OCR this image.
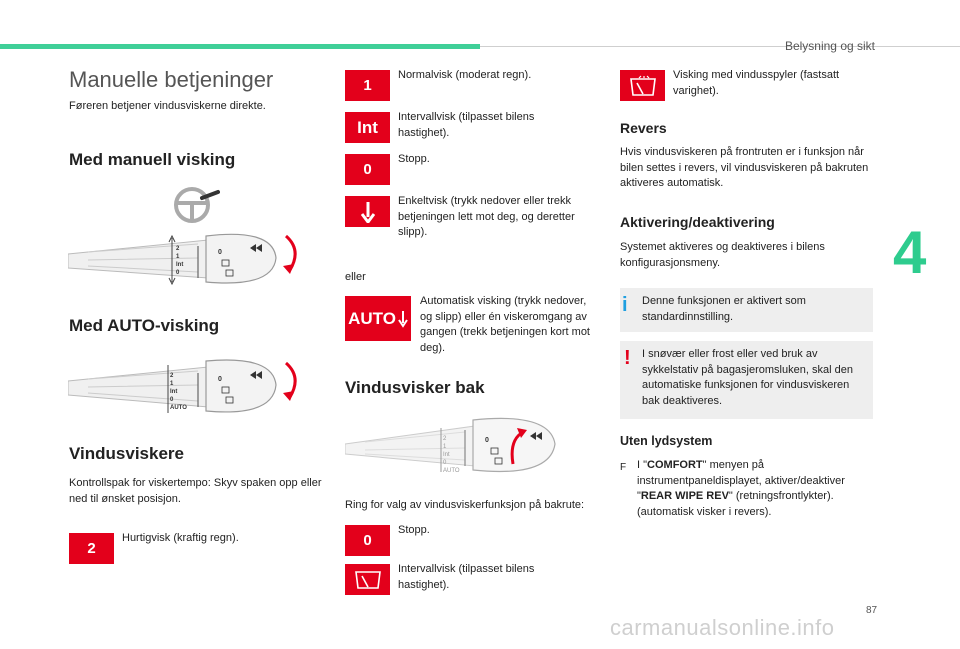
Belysning og sikt
4
87
carmanualsonline.info
Manuelle betjeninger
Føreren betjener vindusviskerne direkte.
Med manuell visking
2
1
Int
0
0
Med AUTO-visking
2
1
Int
0
AUTO
0
Vindusviskere
Kontrollspak for viskertempo: Skyv spaken opp eller ned til ønsket posisjon.
2
Hurtigvisk (kraftig regn).
1
Normalvisk (moderat regn).
Int
Intervallvisk (tilpasset bilens hastighet).
0
Stopp.
Enkeltvisk (trykk nedover eller trekk betjeningen lett mot deg, og deretter slipp).
eller
AUTO
Automatisk visking (trykk nedover, og slipp) eller én viskeromgang av gangen (trekk betjeningen kort mot deg).
Vindusvisker bak
2
1
Int
0
AUTO
0
Ring for valg av vindusviskerfunksjon på bakrute:
0
Stopp.
Intervallvisk (tilpasset bilens hastighet).
Visking med vindusspyler (fastsatt varighet).
Revers
Hvis vindusviskeren på frontruten er i funksjon når bilen settes i revers, vil vindusviskeren på bakruten aktiveres automatisk.
Aktivering/deaktivering
Systemet aktiveres og deaktiveres i bilens konfigurasjonsmeny.
i Denne funksjonen er aktivert som standardinnstilling.
! I snøvær eller frost eller ved bruk av sykkelstativ på bagasjeromsluken, skal den automatiske funksjonen for vindusviskeren bak deaktiveres.
Uten lydsystem
F I "COMFORT" menyen på instrumentpaneldisplayet, aktiver/deaktiver "REAR WIPE REV" (retningsfrontlykter). (automatisk visker i revers).
